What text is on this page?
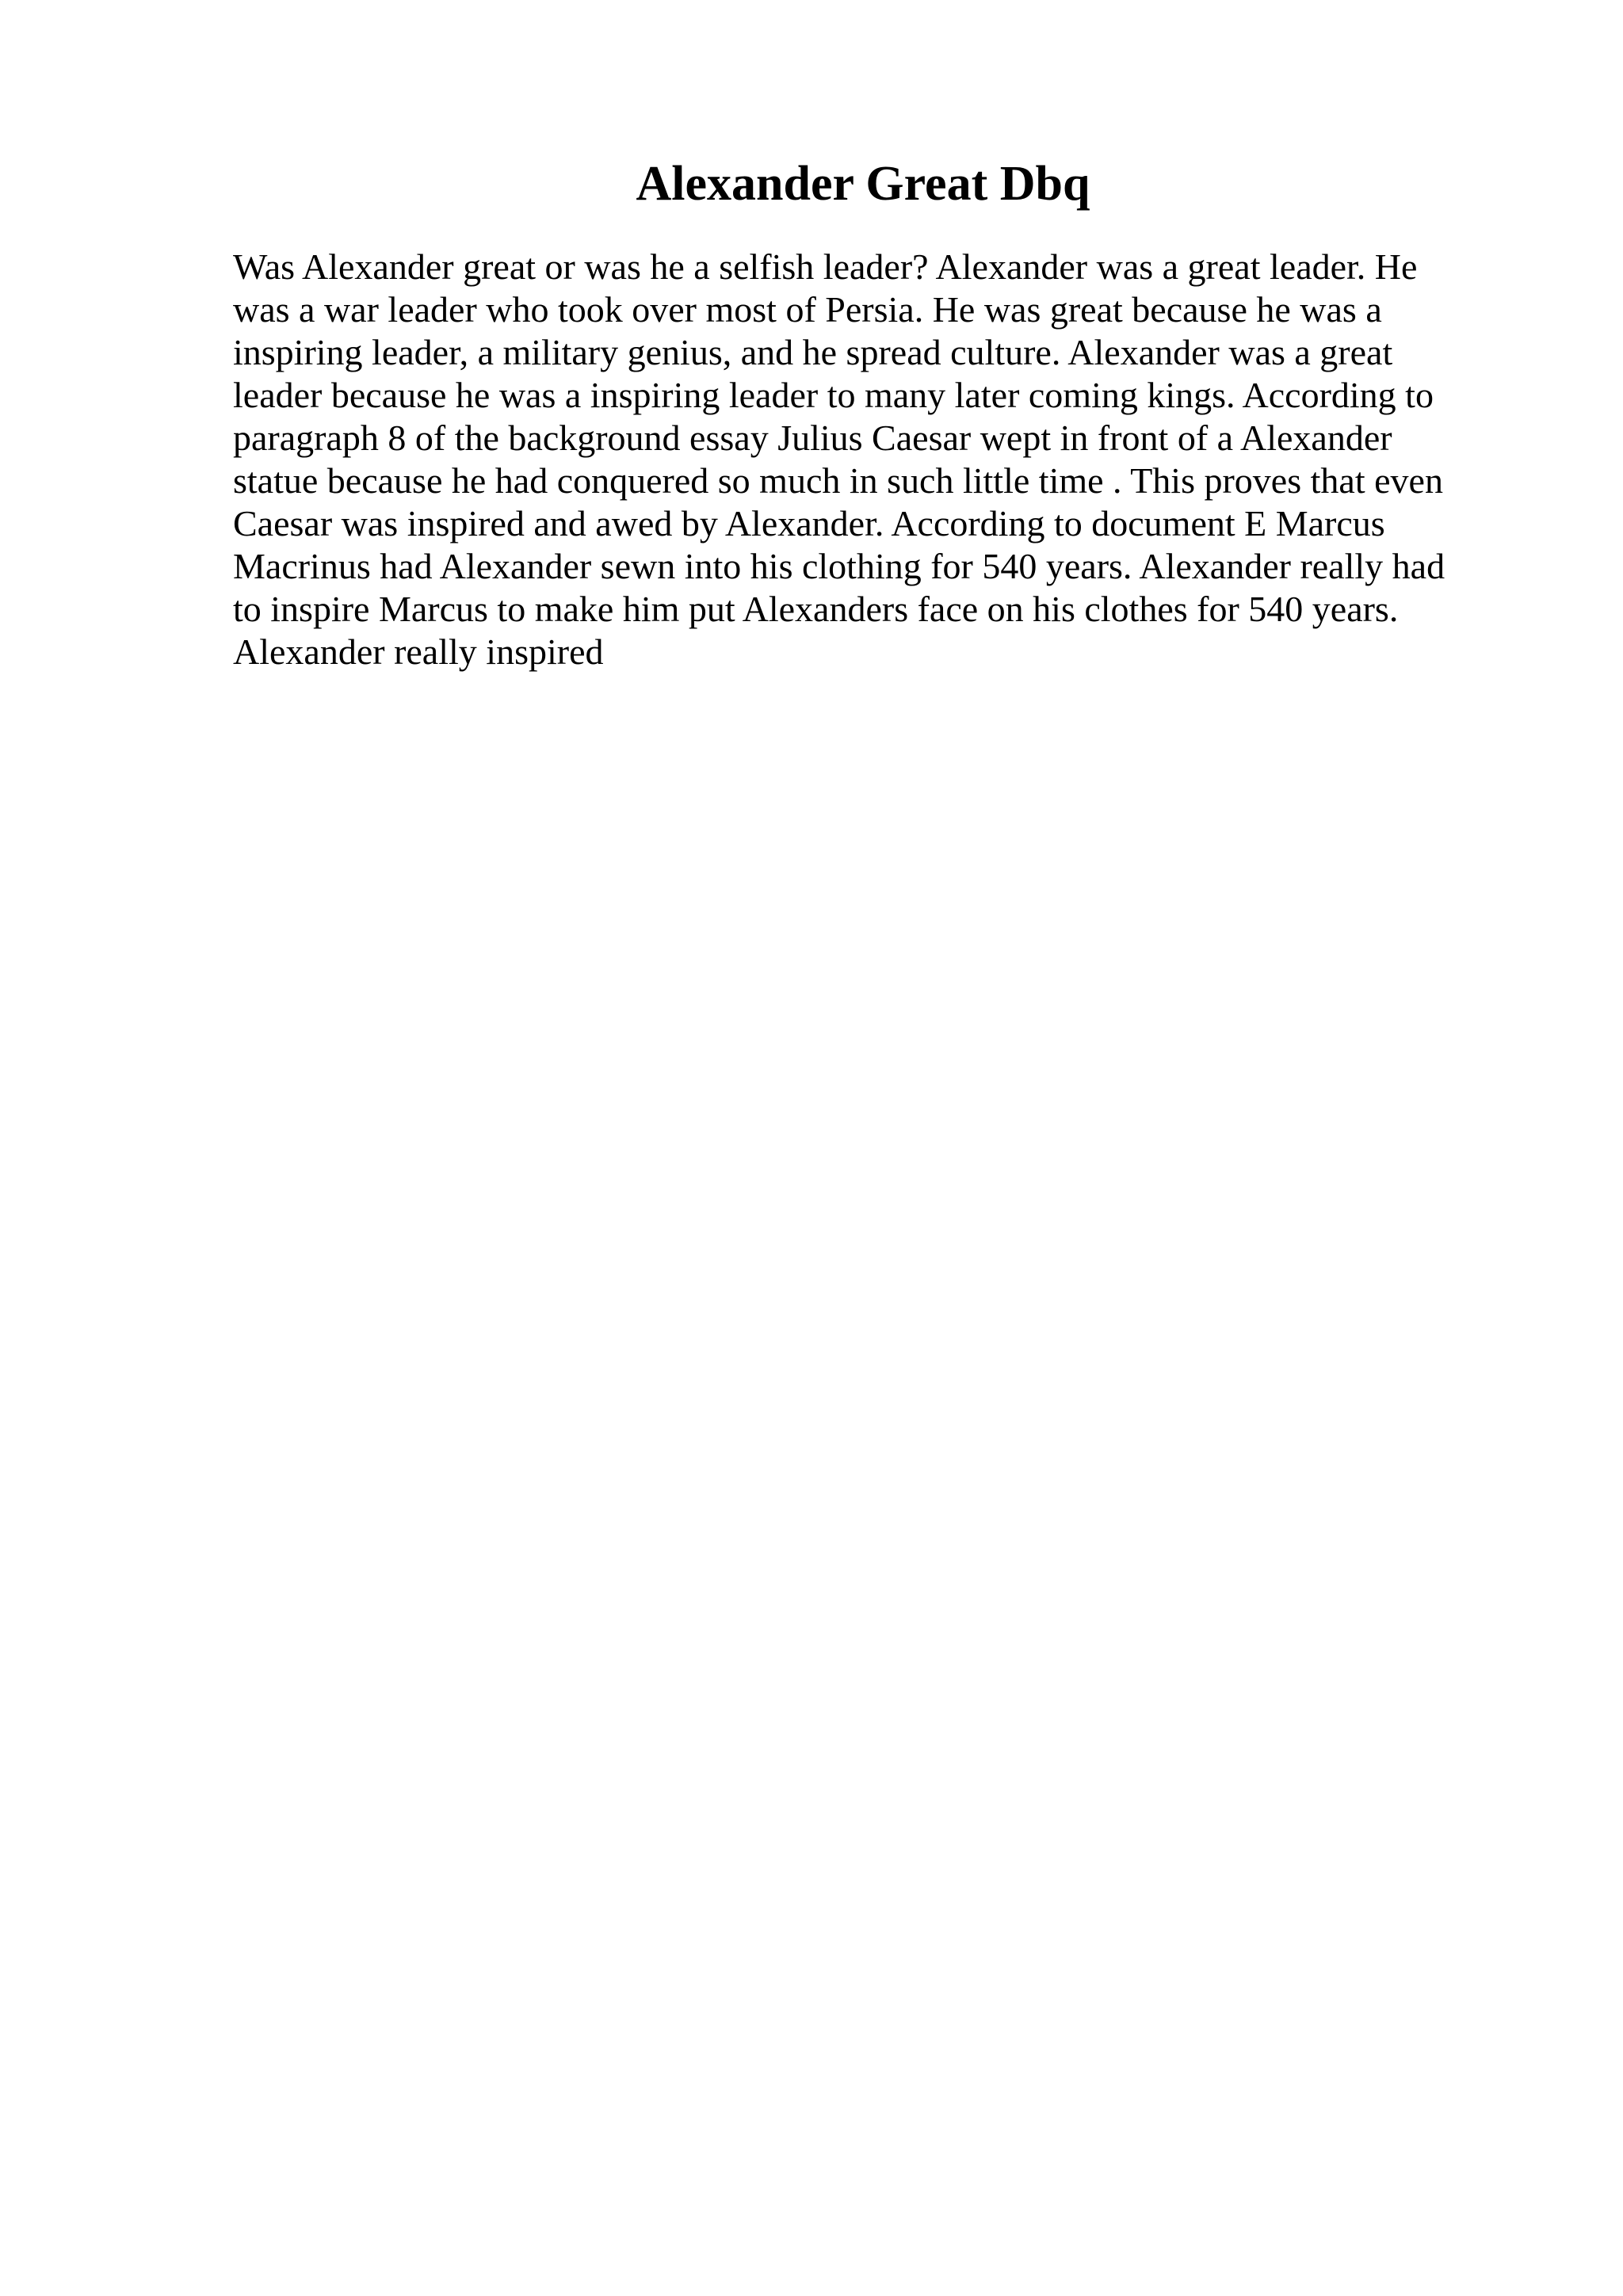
Alexander Great Dbq
Was Alexander great or was he a selfish leader? Alexander was a great leader. He
was a war leader who took over most of Persia. He was great because he was a
inspiring leader, a military genius, and he spread culture. Alexander was a great
leader because he was a inspiring leader to many later coming kings. According to
paragraph 8 of the background essay Julius Caesar wept in front of a Alexander
statue because he had conquered so much in such little time . This proves that even
Caesar was inspired and awed by Alexander. According to document E Marcus
Macrinus had Alexander sewn into his clothing for 540 years. Alexander really had
to inspire Marcus to make him put Alexanders face on his clothes for 540 years.
Alexander really inspired
